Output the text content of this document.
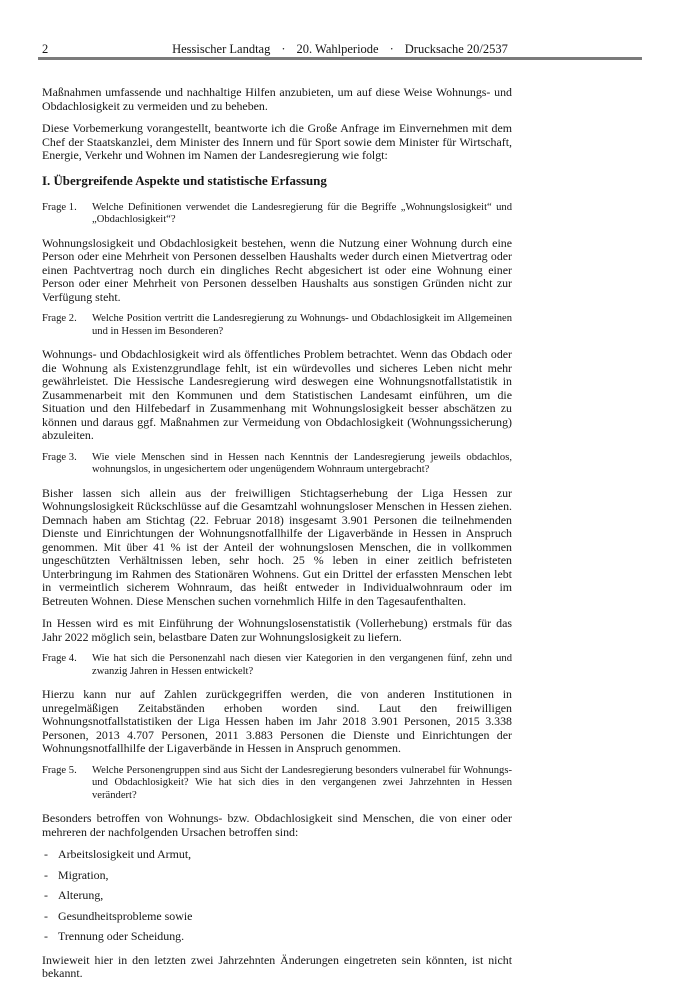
2	Hessischer Landtag · 20. Wahlperiode · Drucksache 20/2537

Maßnahmen umfassende und nachhaltige Hilfen anzubieten, um auf diese Weise Wohnungs- und Obdachlosigkeit zu vermeiden und zu beheben.

Diese Vorbemerkung vorangestellt, beantworte ich die Große Anfrage im Einvernehmen mit dem Chef der Staatskanzlei, dem Minister des Innern und für Sport sowie dem Minister für Wirtschaft, Energie, Verkehr und Wohnen im Namen der Landesregierung wie folgt:

I. Übergreifende Aspekte und statistische Erfassung
Frage 1.	Welche Definitionen verwendet die Landesregierung für die Begriffe „Wohnungslosigkeit“ und „Obdachlosigkeit“?

Wohnungslosigkeit und Obdachlosigkeit bestehen, wenn die Nutzung einer Wohnung durch eine Person oder eine Mehrheit von Personen desselben Haushalts weder durch einen Mietvertrag oder einen Pachtvertrag noch durch ein dingliches Recht abgesichert ist oder eine Wohnung einer Person oder einer Mehrheit von Personen desselben Haushalts aus sonstigen Gründen nicht zur Verfügung steht.

Frage 2.	Welche Position vertritt die Landesregierung zu Wohnungs- und Obdachlosigkeit im Allgemeinen und in Hessen im Besonderen?

Wohnungs- und Obdachlosigkeit wird als öffentliches Problem betrachtet. Wenn das Obdach oder die Wohnung als Existenzgrundlage fehlt, ist ein würdevolles und sicheres Leben nicht mehr gewährleistet. Die Hessische Landesregierung wird deswegen eine Wohnungsnotfallstatistik in Zusammenarbeit mit den Kommunen und dem Statistischen Landesamt einführen, um die Situation und den Hilfebedarf in Zusammenhang mit Wohnungslosigkeit besser abschätzen zu können und daraus ggf. Maßnahmen zur Vermeidung von Obdachlosigkeit (Wohnungssicherung) abzuleiten.

Frage 3.	Wie viele Menschen sind in Hessen nach Kenntnis der Landesregierung jeweils obdachlos, wohnungslos, in ungesichertem oder ungenügendem Wohnraum untergebracht?

Bisher lassen sich allein aus der freiwilligen Stichtagserhebung der Liga Hessen zur Wohnungslosigkeit Rückschlüsse auf die Gesamtzahl wohnungsloser Menschen in Hessen ziehen. Demnach haben am Stichtag (22. Februar 2018) insgesamt 3.901 Personen die teilnehmenden Dienste und Einrichtungen der Wohnungsnotfallhilfe der Ligaverbände in Hessen in Anspruch genommen. Mit über 41 % ist der Anteil der wohnungslosen Menschen, die in vollkommen ungeschützten Verhältnissen leben, sehr hoch. 25 % leben in einer zeitlich befristeten Unterbringung im Rahmen des Stationären Wohnens. Gut ein Drittel der erfassten Menschen lebt in vermeintlich sicherem Wohnraum, das heißt entweder in Individualwohnraum oder im Betreuten Wohnen. Diese Menschen suchen vornehmlich Hilfe in den Tagesaufenthalten.

In Hessen wird es mit Einführung der Wohnungslosenstatistik (Vollerhebung) erstmals für das Jahr 2022 möglich sein, belastbare Daten zur Wohnungslosigkeit zu liefern.

Frage 4.	Wie hat sich die Personenzahl nach diesen vier Kategorien in den vergangenen fünf, zehn und zwanzig Jahren in Hessen entwickelt?

Hierzu kann nur auf Zahlen zurückgegriffen werden, die von anderen Institutionen in unregelmäßigen Zeitabständen erhoben worden sind. Laut den freiwilligen Wohnungsnotfallstatistiken der Liga Hessen haben im Jahr 2018 3.901 Personen, 2015 3.338 Personen, 2013 4.707 Personen, 2011 3.883 Personen die Dienste und Einrichtungen der Wohnungsnotfallhilfe der Ligaverbände in Hessen in Anspruch genommen.

Frage 5.	Welche Personengruppen sind aus Sicht der Landesregierung besonders vulnerabel für Wohnungs- und Obdachlosigkeit? Wie hat sich dies in den vergangenen zwei Jahrzehnten in Hessen verändert?

Besonders betroffen von Wohnungs- bzw. Obdachlosigkeit sind Menschen, die von einer oder mehreren der nachfolgenden Ursachen betroffen sind:

- Arbeitslosigkeit und Armut,
- Migration,
- Alterung,
- Gesundheitsprobleme sowie
- Trennung oder Scheidung.

Inwieweit hier in den letzten zwei Jahrzehnten Änderungen eingetreten sein könnten, ist nicht bekannt.
